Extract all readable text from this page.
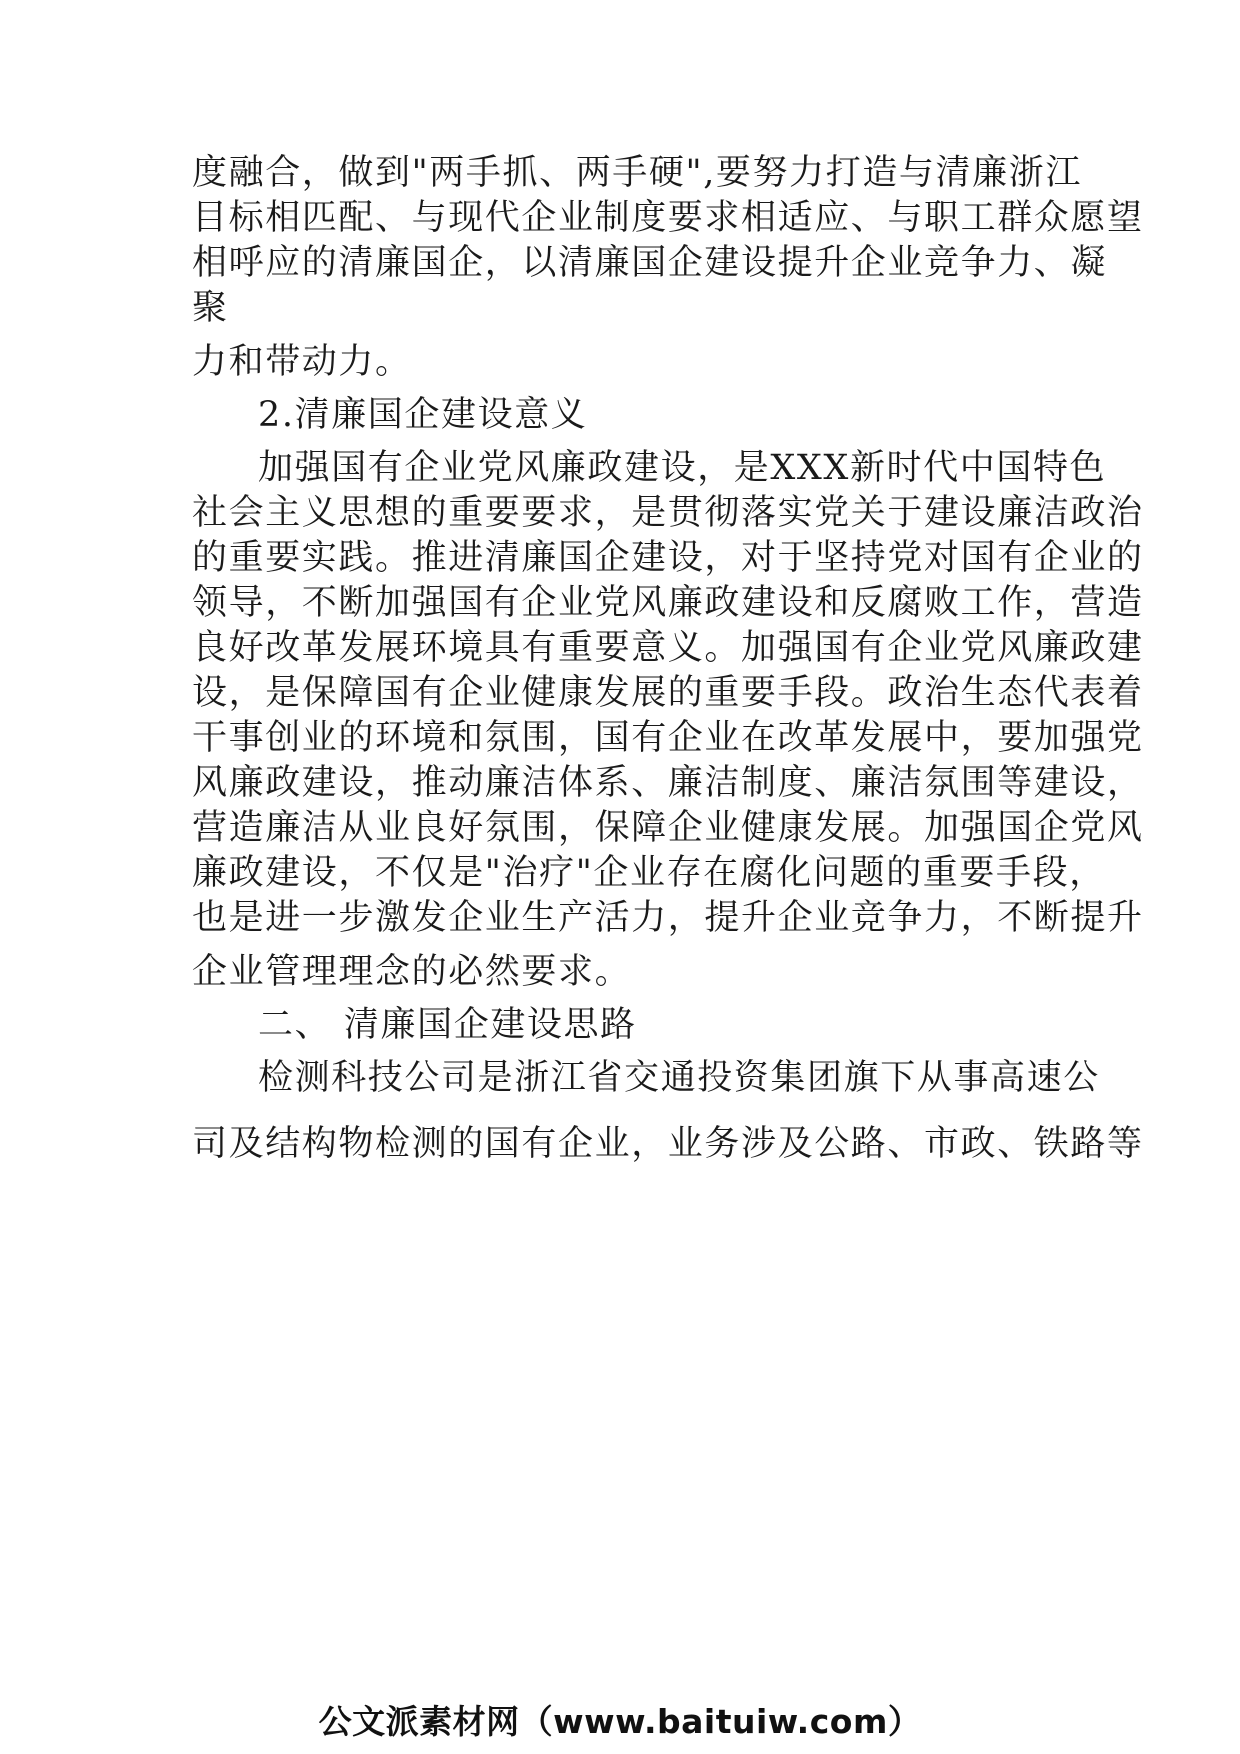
度融合，做到"两手抓、两手硬",要努力打造与清廉浙江
目标相匹配、与现代企业制度要求相适应、与职工群众愿望
相呼应的清廉国企，以清廉国企建设提升企业竞争力、凝
聚
力和带动力。
2.清廉国企建设意义
加强国有企业党风廉政建设，是XXX新时代中国特色
社会主义思想的重要要求，是贯彻落实党关于建设廉洁政治
的重要实践。推进清廉国企建设，对于坚持党对国有企业的
领导，不断加强国有企业党风廉政建设和反腐败工作，营造
良好改革发展环境具有重要意义。加强国有企业党风廉政建
设，是保障国有企业健康发展的重要手段。政治生态代表着
干事创业的环境和氛围，国有企业在改革发展中，要加强党
风廉政建设，推动廉洁体系、廉洁制度、廉洁氛围等建设，
营造廉洁从业良好氛围，保障企业健康发展。加强国企党风
廉政建设，不仅是"治疗"企业存在腐化问题的重要手段，
也是进一步激发企业生产活力，提升企业竞争力，不断提升
企业管理理念的必然要求。
二、 清廉国企建设思路
检测科技公司是浙江省交通投资集团旗下从事高速公
司及结构物检测的国有企业，业务涉及公路、市政、铁路等
公文派素材网（www.baituiw.com）
